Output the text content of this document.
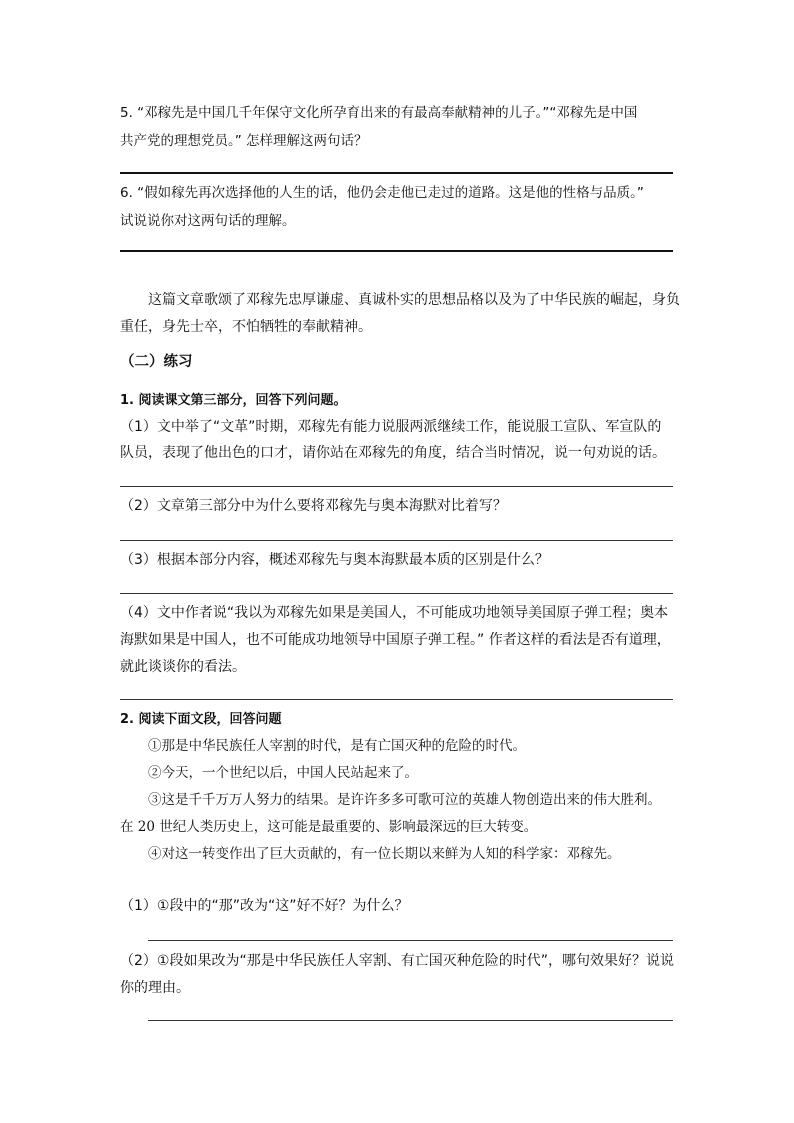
5. “邓稼先是中国几千年保守文化所孕育出来的有最高奉献精神的儿子。”“邓稼先是中国
共产党的理想党员。” 怎样理解这两句话？
6. “假如稼先再次选择他的人生的话，他仍会走他已走过的道路。这是他的性格与品质。”
试说说你对这两句话的理解。
这篇文章歌颂了邓稼先忠厚谦虚、真诚朴实的思想品格以及为了中华民族的崛起，身负
重任，身先士卒，不怕牺牲的奉献精神。
（二）练习
1. 阅读课文第三部分，回答下列问题。
（1）文中举了“文革”时期，邓稼先有能力说服两派继续工作，能说服工宣队、军宣队的
队员，表现了他出色的口才，请你站在邓稼先的角度，结合当时情况，说一句劝说的话。
（2）文章第三部分中为什么要将邓稼先与奥本海默对比着写？
（3）根据本部分内容，概述邓稼先与奥本海默最本质的区别是什么？
（4）文中作者说“我以为邓稼先如果是美国人，不可能成功地领导美国原子弹工程；奥本
海默如果是中国人，也不可能成功地领导中国原子弹工程。” 作者这样的看法是否有道理，
就此谈谈你的看法。
2. 阅读下面文段，回答问题
①那是中华民族任人宰割的时代，是有亡国灭种的危险的时代。
②今天，一个世纪以后，中国人民站起来了。
③这是千千万万人努力的结果。是许许多多可歌可泣的英雄人物创造出来的伟大胜利。
在 20 世纪人类历史上，这可能是最重要的、影响最深远的巨大转变。
④对这一转变作出了巨大贡献的，有一位长期以来鲜为人知的科学家：邓稼先。
（1）①段中的“那”改为“这”好不好？为什么？
（2）①段如果改为“那是中华民族任人宰割、有亡国灭种危险的时代”，哪句效果好？说说
你的理由。
